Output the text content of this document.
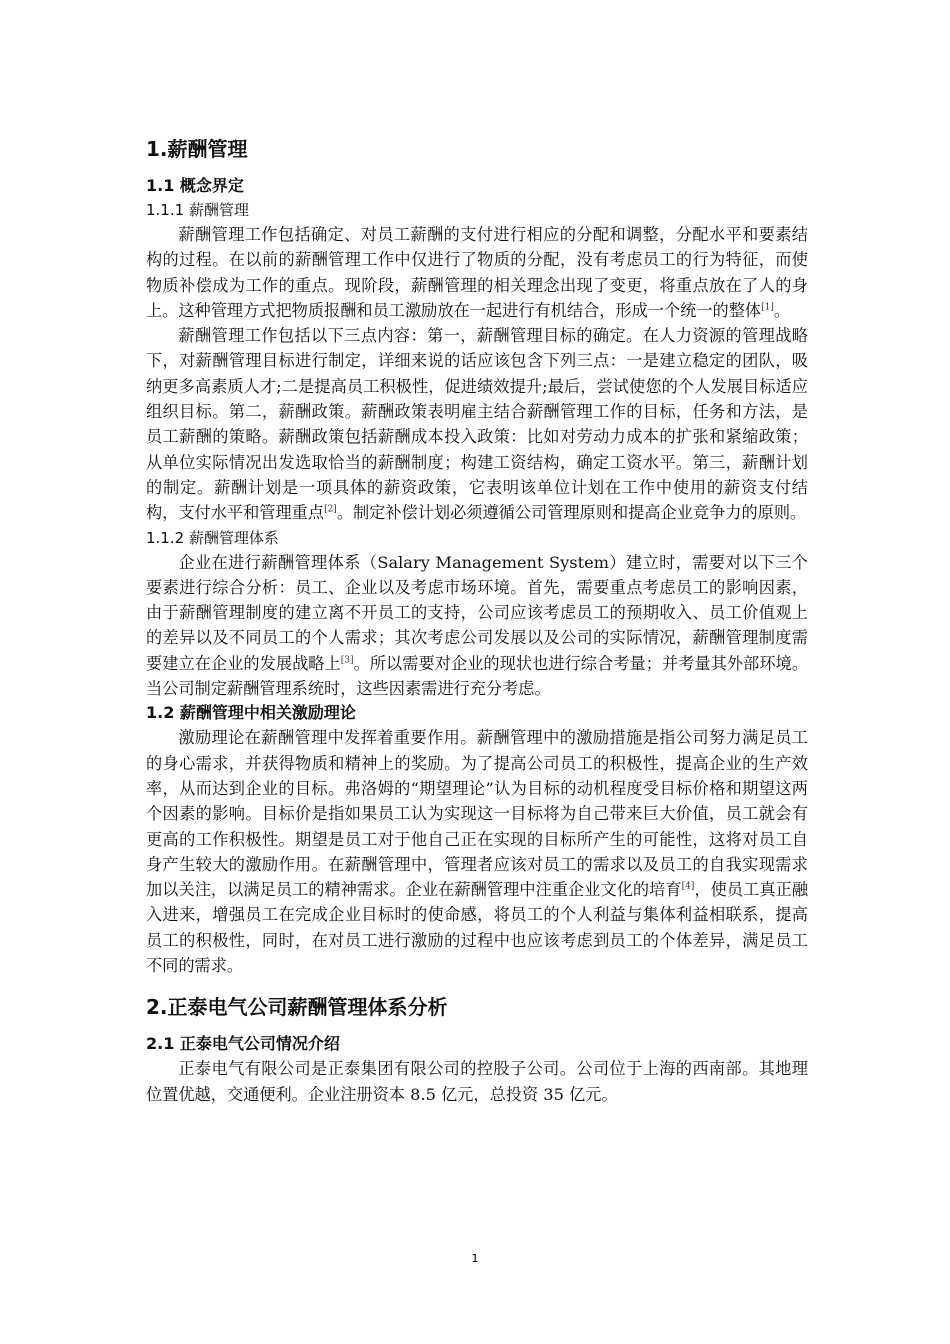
1.薪酬管理
1.1 概念界定
1.1.1 薪酬管理

薪酬管理工作包括确定、对员工薪酬的支付进行相应的分配和调整，分配水平和要素结构的过程。在以前的薪酬管理工作中仅进行了物质的分配，没有考虑员工的行为特征，而使物质补偿成为工作的重点。现阶段，薪酬管理的相关理念出现了变更，将重点放在了人的身上。这种管理方式把物质报酬和员工激励放在一起进行有机结合，形成一个统一的整体[1]。

薪酬管理工作包括以下三点内容：第一，薪酬管理目标的确定。在人力资源的管理战略下，对薪酬管理目标进行制定，详细来说的话应该包含下列三点：一是建立稳定的团队，吸纳更多高素质人才;二是提高员工积极性，促进绩效提升;最后，尝试使您的个人发展目标适应组织目标。第二，薪酬政策。薪酬政策表明雇主结合薪酬管理工作的目标，任务和方法，是员工薪酬的策略。薪酬政策包括薪酬成本投入政策：比如对劳动力成本的扩张和紧缩政策；从单位实际情况出发选取恰当的薪酬制度；构建工资结构，确定工资水平。第三，薪酬计划的制定。薪酬计划是一项具体的薪资政策，它表明该单位计划在工作中使用的薪资支付结构，支付水平和管理重点[2]。制定补偿计划必须遵循公司管理原则和提高企业竞争力的原则。

1.1.2 薪酬管理体系

企业在进行薪酬管理体系（Salary Management System）建立时，需要对以下三个要素进行综合分析：员工、企业以及考虑市场环境。首先，需要重点考虑员工的影响因素，由于薪酬管理制度的建立离不开员工的支持，公司应该考虑员工的预期收入、员工价值观上的差异以及不同员工的个人需求；其次考虑公司发展以及公司的实际情况，薪酬管理制度需要建立在企业的发展战略上[3]。所以需要对企业的现状也进行综合考量；并考量其外部环境。当公司制定薪酬管理系统时，这些因素需进行充分考虑。

1.2 薪酬管理中相关激励理论

激励理论在薪酬管理中发挥着重要作用。薪酬管理中的激励措施是指公司努力满足员工的身心需求，并获得物质和精神上的奖励。为了提高公司员工的积极性，提高企业的生产效率，从而达到企业的目标。弗洛姆的“期望理论”认为目标的动机程度受目标价格和期望这两个因素的影响。目标价是指如果员工认为实现这一目标将为自己带来巨大价值，员工就会有更高的工作积极性。期望是员工对于他自己正在实现的目标所产生的可能性，这将对员工自身产生较大的激励作用。在薪酬管理中，管理者应该对员工的需求以及员工的自我实现需求加以关注，以满足员工的精神需求。企业在薪酬管理中注重企业文化的培育[4]，使员工真正融入进来，增强员工在完成企业目标时的使命感，将员工的个人利益与集体利益相联系，提高员工的积极性，同时，在对员工进行激励的过程中也应该考虑到员工的个体差异，满足员工不同的需求。

2.正泰电气公司薪酬管理体系分析
2.1 正泰电气公司情况介绍

正泰电气有限公司是正泰集团有限公司的控股子公司。公司位于上海的西南部。其地理位置优越，交通便利。企业注册资本 8.5 亿元，总投资 35 亿元。

1
